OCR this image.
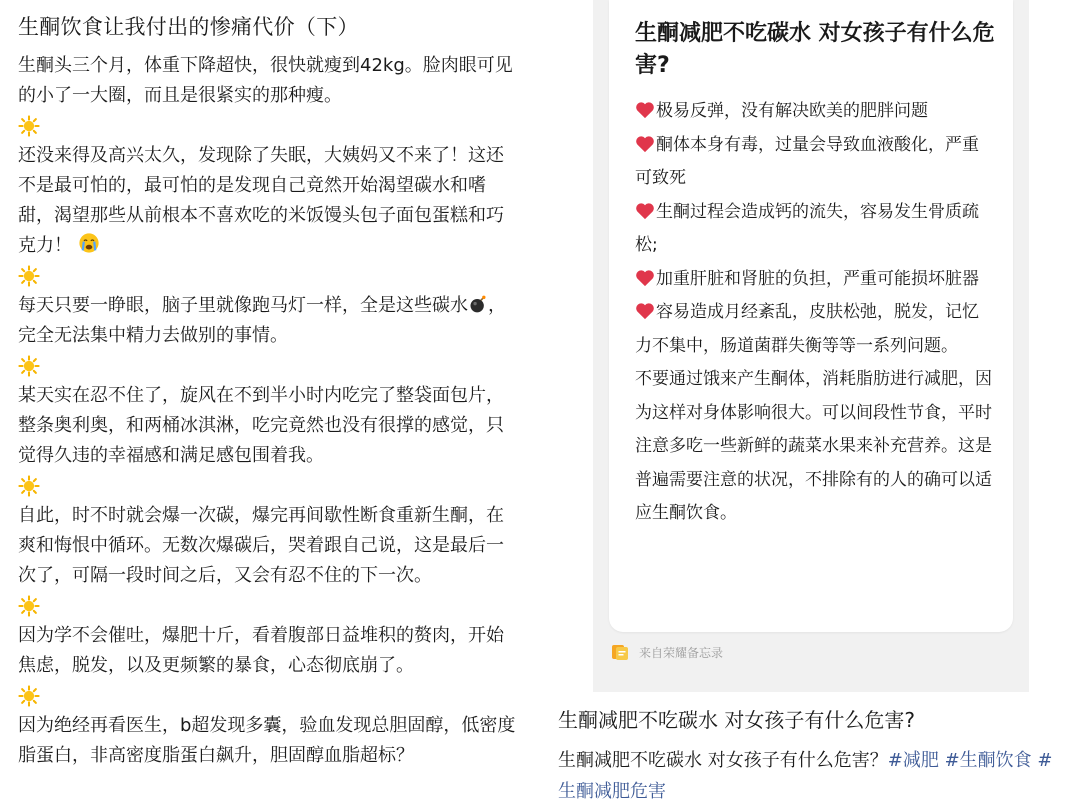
生酮饮食让我付出的惨痛代价（下）

生酮头三个月，体重下降超快，很快就瘦到42kg。脸肉眼可见的小了一大圈，而且是很紧实的那种瘦。

还没来得及高兴太久，发现除了失眠，大姨妈又不来了！这还不是最可怕的，最可怕的是发现自己竟然开始渴望碳水和嗜甜，渴望那些从前根本不喜欢吃的米饭馒头包子面包蛋糕和巧克力！

每天只要一睁眼，脑子里就像跑马灯一样，全是这些碳水 ，完全无法集中精力去做别的事情。

某天实在忍不住了，旋风在不到半小时内吃完了整袋面包片，整条奥利奥，和两桶冰淇淋，吃完竟然也没有很撑的感觉，只觉得久违的幸福感和满足感包围着我。

自此，时不时就会爆一次碳，爆完再间歇性断食重新生酮，在爽和悔恨中循环。无数次爆碳后，哭着跟自己说，这是最后一次了，可隔一段时间之后，又会有忍不住的下一次。

因为学不会催吐，爆肥十斤，看着腹部日益堆积的赘肉，开始焦虑，脱发，以及更频繁的暴食，心态彻底崩了。

因为绝经再看医生，b超发现多囊，验血发现总胆固醇，低密度脂蛋白，非高密度脂蛋白飙升，胆固醇血脂超标？

生酮减肥不吃碳水 对女孩子有什么危害?

极易反弹，没有解决欧美的肥胖问题

酮体本身有毒，过量会导致血液酸化，严重可致死

生酮过程会造成钙的流失，容易发生骨质疏松;

加重肝脏和肾脏的负担，严重可能损坏脏器

容易造成月经紊乱，皮肤松弛，脱发，记忆力不集中，肠道菌群失衡等等一系列问题。

不要通过饿来产生酮体，消耗脂肪进行减肥，因为这样对身体影响很大。可以间段性节食，平时注意多吃一些新鲜的蔬菜水果来补充营养。这是普遍需要注意的状况，不排除有的人的确可以适应生酮饮食。

来自荣耀备忘录
生酮减肥不吃碳水 对女孩子有什么危害?
生酮减肥不吃碳水 对女孩子有什么危害？#减肥 #生酮饮食 #生酮减肥危害
